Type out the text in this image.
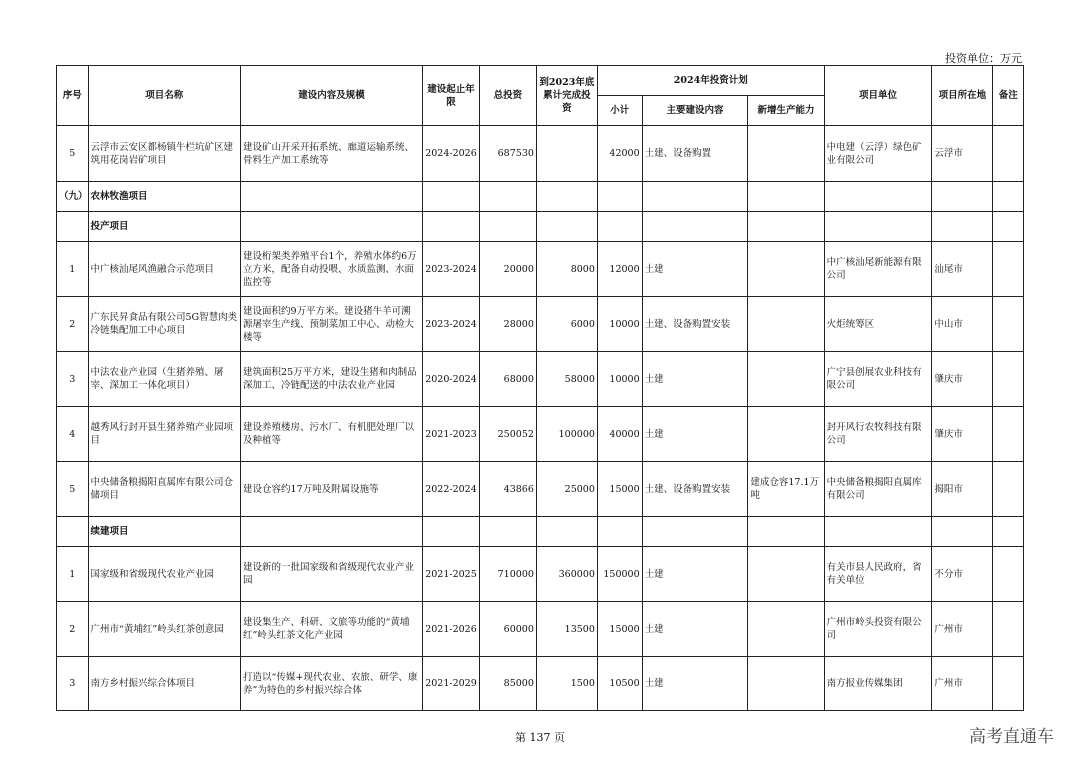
投资单位：万元
序号	项目名称	建设内容及规模	建设起止年限	总投资	到2023年底累计完成投资	2024年投资计划			项目单位	项目所在地	备注
						小计	主要建设内容	新增生产能力			
5	云浮市云安区都杨镇牛栏坑矿区建筑用花岗岩矿项目	建设矿山开采开拓系统、廊道运输系统、骨料生产加工系统等	2024-2026	687530		42000	土建、设备购置		中电建（云浮）绿色矿业有限公司	云浮市	
（九）	农林牧渔项目										
	投产项目										
1	中广核汕尾风渔融合示范项目	建设桁架类养殖平台1个，养殖水体约6万立方米，配备自动投喂、水质监测、水面监控等	2023-2024	20000	8000	12000	土建		中广核汕尾新能源有限公司	汕尾市	
2	广东民昇食品有限公司5G智慧肉类冷链集配加工中心项目	建设面积约9万平方米。建设猪牛羊可溯源屠宰生产线、预制菜加工中心、动检大楼等	2023-2024	28000	6000	10000	土建、设备购置安装		火炬统筹区	中山市	
3	中法农业产业园（生猪养殖、屠宰、深加工一体化项目）	建筑面积25万平方米，建设生猪和肉制品深加工、冷链配送的中法农业产业园	2020-2024	68000	58000	10000	土建		广宁县创展农业科技有限公司	肇庆市	
4	越秀风行封开县生猪养殖产业园项目	建设养殖楼房、污水厂、有机肥处理厂以及种植等	2021-2023	250052	100000	40000	土建		封开风行农牧科技有限公司	肇庆市	
5	中央储备粮揭阳直属库有限公司仓储项目	建设仓容约17万吨及附属设施等	2022-2024	43866	25000	15000	土建、设备购置安装	建成仓容17.1万吨	中央储备粮揭阳直属库有限公司	揭阳市	
	续建项目										
1	国家级和省级现代农业产业园	建设新的一批国家级和省级现代农业产业园	2021-2025	710000	360000	150000	土建		有关市县人民政府，省有关单位	不分市	
2	广州市“黄埔红”岭头红茶创意园	建设集生产、科研、文旅等功能的“黄埔红”岭头红茶文化产业园	2021-2026	60000	13500	15000	土建		广州市岭头投资有限公司	广州市	
3	南方乡村振兴综合体项目	打造以“传媒+现代农业、农旅、研学、康养”为特色的乡村振兴综合体	2021-2029	85000	1500	10500	土建		南方报业传媒集团	广州市	
第 137 页	高考直通车
